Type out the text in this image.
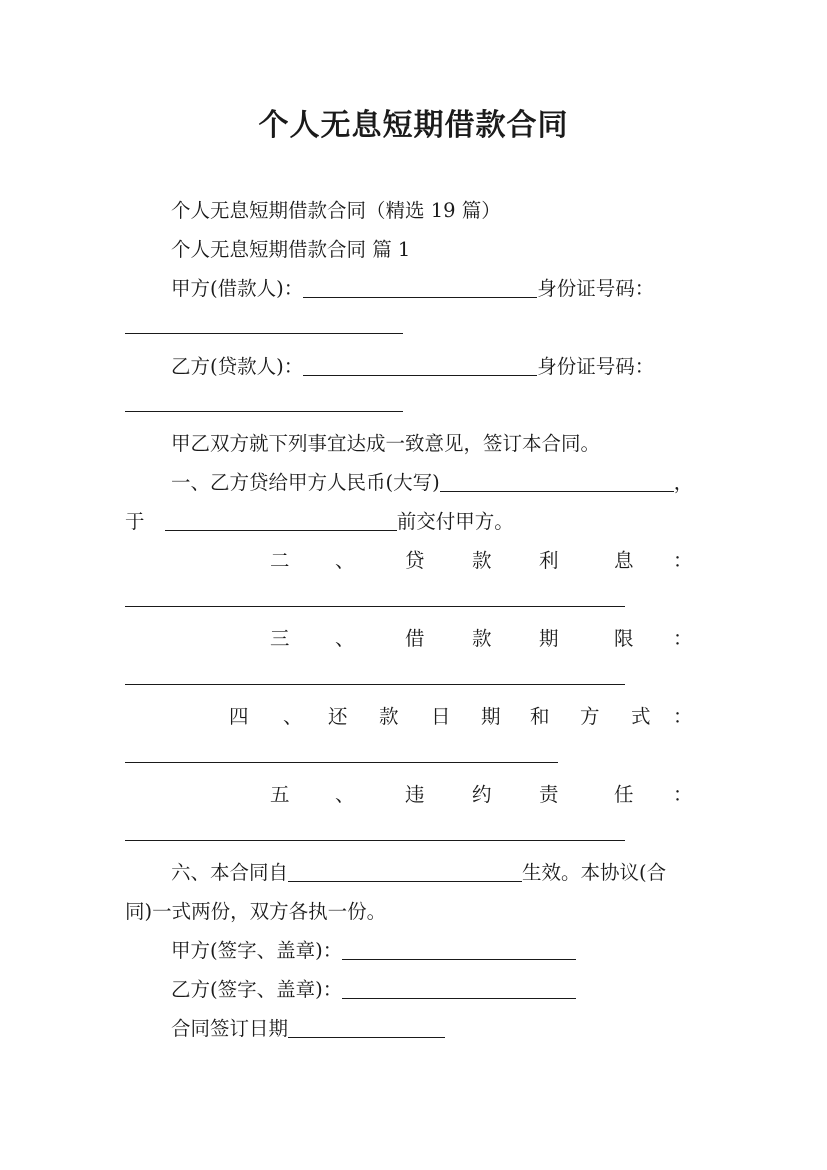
个人无息短期借款合同
个人无息短期借款合同（精选 19 篇）
个人无息短期借款合同 篇 1
甲方(借款人)：	身份证号码：
乙方(贷款人)：	身份证号码：
甲乙双方就下列事宜达成一致意见，签订本合同。
一、乙方贷给甲方人民币(大写)	，
于	前交付甲方。
二 、	贷 款 利	息 ：
三 、	借 款 期	限 ：
四 、 还 款 日 期 和 方 式 ：
五 、	违 约 责	任 ：
六、本合同自	生效。本协议(合
同)一式两份，双方各执一份。
甲方(签字、盖章)：
乙方(签字、盖章)：
合同签订日期
